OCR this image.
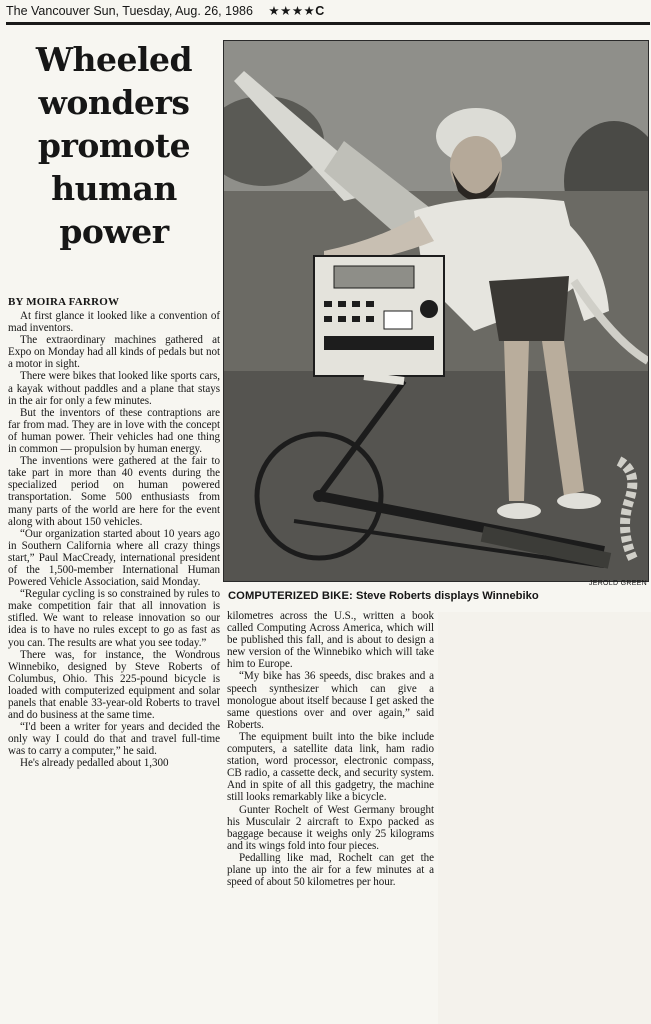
The Vancouver Sun, Tuesday, Aug. 26, 1986 ★★★★C
Wheeled
wonders
promote
human
power
BY MOIRA FARROW

At first glance it looked like a convention of mad inventors.

The extraordinary machines gathered at Expo on Monday had all kinds of pedals but not a motor in sight.

There were bikes that looked like sports cars, a kayak without paddles and a plane that stays in the air for only a few minutes.

But the inventors of these contraptions are far from mad. They are in love with the concept of human power. Their vehicles had one thing in common — propulsion by human energy.

The inventions were gathered at the fair to take part in more than 40 events during the specialized period on human powered transportation. Some 500 enthusiasts from many parts of the world are here for the event along with about 150 vehicles.

“Our organization started about 10 years ago in Southern California where all crazy things start,” Paul MacCready, international president of the 1,500-member International Human Powered Vehicle Association, said Monday.

“Regular cycling is so constrained by rules to make competition fair that all innovation is stifled. We want to release innovation so our idea is to have no rules except to go as fast as you can. The results are what you see today.”

There was, for instance, the Wondrous Winnebiko, designed by Steve Roberts of Columbus, Ohio. This 225-pound bicycle is loaded with computerized equipment and solar panels that enable 33-year-old Roberts to travel and do business at the same time.

“I'd been a writer for years and decided the only way I could do that and travel full-time was to carry a computer,” he said.

He's already pedalled about 1,300

JEROLD GREEN
COMPUTERIZED BIKE: Steve Roberts displays Winnebiko

kilometres across the U.S., written a book called Computing Across America, which will be published this fall, and is about to design a new version of the Winnebiko which will take him to Europe.

“My bike has 36 speeds, disc brakes and a speech synthesizer which can give a monologue about itself because I get asked the same questions over and over again,” said Roberts.

The equipment built into the bike include computers, a satellite data link, ham radio station, word processor, electronic compass, CB radio, a cassette deck, and security system. And in spite of all this gadgetry, the machine still looks remarkably like a bicycle.

Gunter Rochelt of West Germany brought his Musculair 2 aircraft to Expo packed as baggage because it weighs only 25 kilograms and its wings fold into four pieces.

Pedalling like mad, Rochelt can get the plane up into the air for a few minutes at a speed of about 50 kilometres per hour.
